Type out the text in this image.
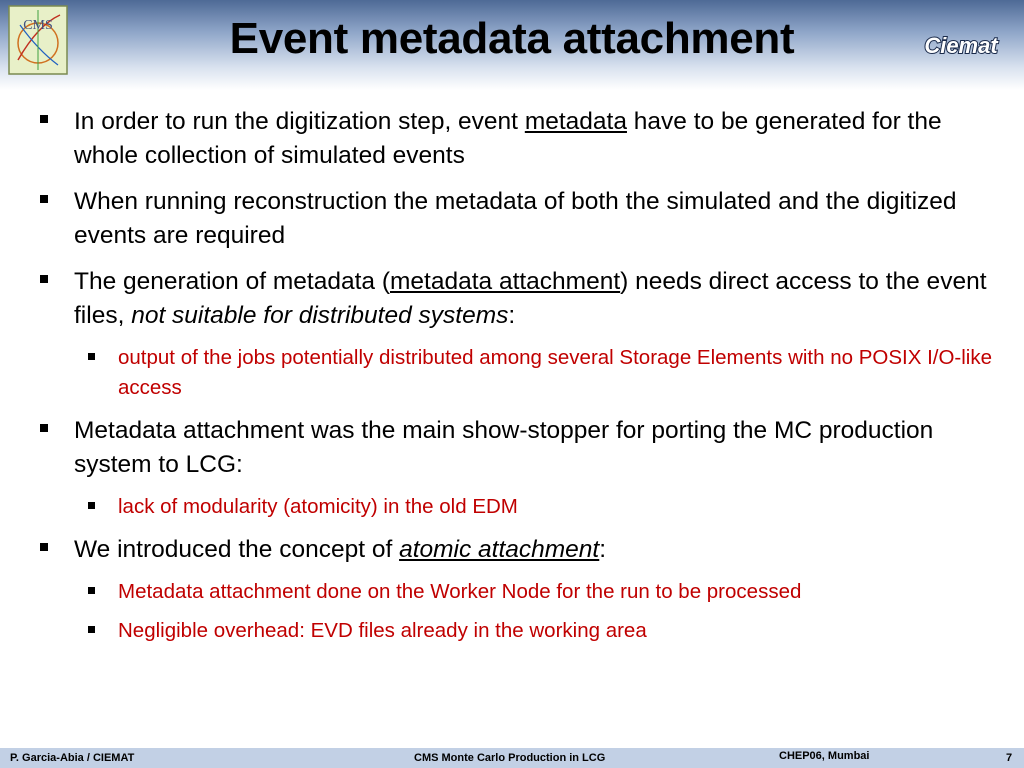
CMS	Event metadata attachment	Ciemat
In order to run the digitization step, event metadata have to be generated for the whole collection of simulated events
When running reconstruction the metadata of both the simulated and the digitized events are required
The generation of metadata (metadata attachment) needs direct access to the event files, not suitable for distributed systems:
output of the jobs potentially distributed among several Storage Elements with no POSIX I/O-like access
Metadata attachment was the main show-stopper for porting the MC production system to LCG:
lack of modularity (atomicity) in the old EDM
We introduced the concept of atomic attachment:
Metadata attachment done on the Worker Node for the run to be processed
Negligible overhead: EVD files already in the working area
P. Garcia-Abia / CIEMAT	CMS Monte Carlo Production in LCG	CHEP06, Mumbai	7
